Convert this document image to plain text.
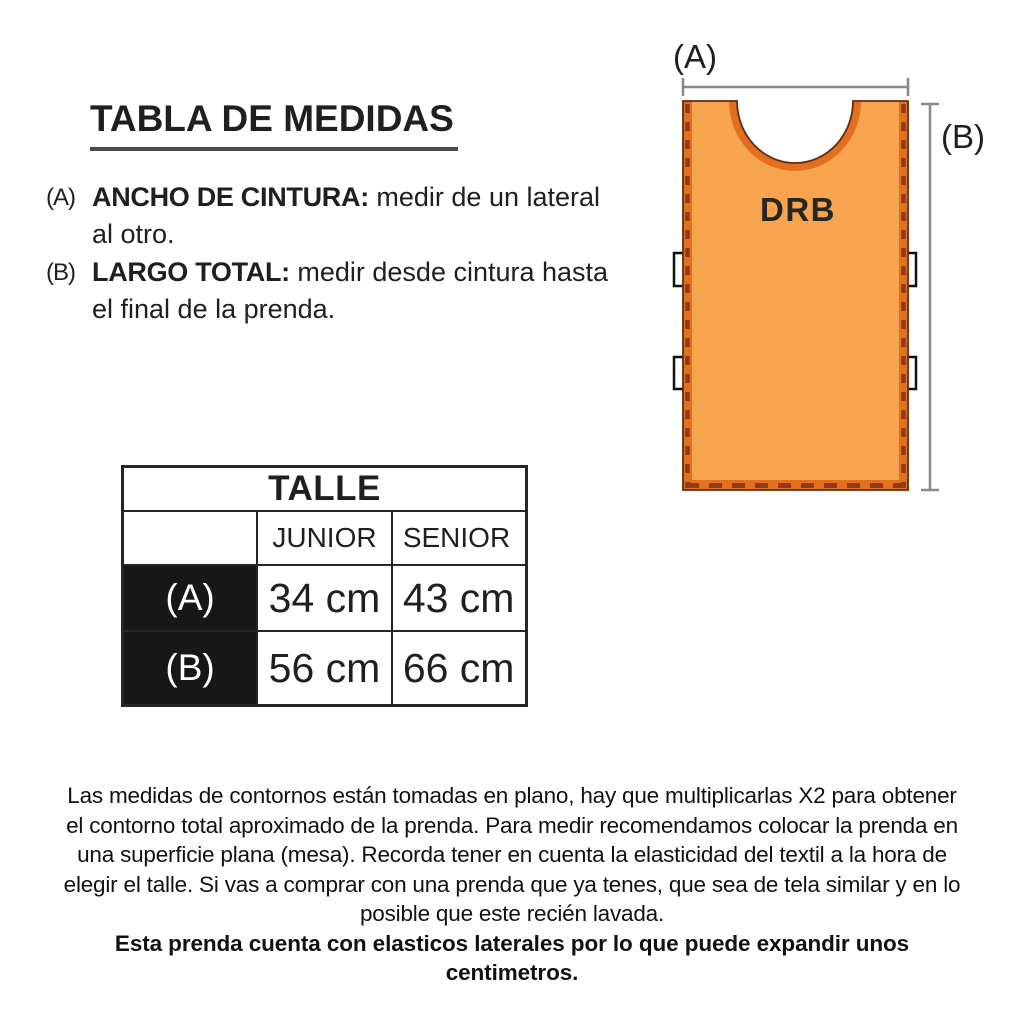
TABLA DE MEDIDAS
(A) ANCHO DE CINTURA: medir de un lateral al otro.
(B) LARGO TOTAL: medir desde cintura hasta el final de la prenda.
(A)
(B)
DRB
TALLE		
	JUNIOR	SENIOR
(A)	34 cm	43 cm
(B)	56 cm	66 cm
Las medidas de contornos están tomadas en plano, hay que multiplicarlas X2 para obtener el contorno total aproximado de la prenda. Para medir recomendamos colocar la prenda en una superficie plana (mesa). Recorda tener en cuenta la elasticidad del textil a la hora de elegir el talle. Si vas a comprar con una prenda que ya tenes, que sea de tela similar y en lo posible que este recién lavada.
Esta prenda cuenta con elasticos laterales por lo que puede expandir unos centimetros.
